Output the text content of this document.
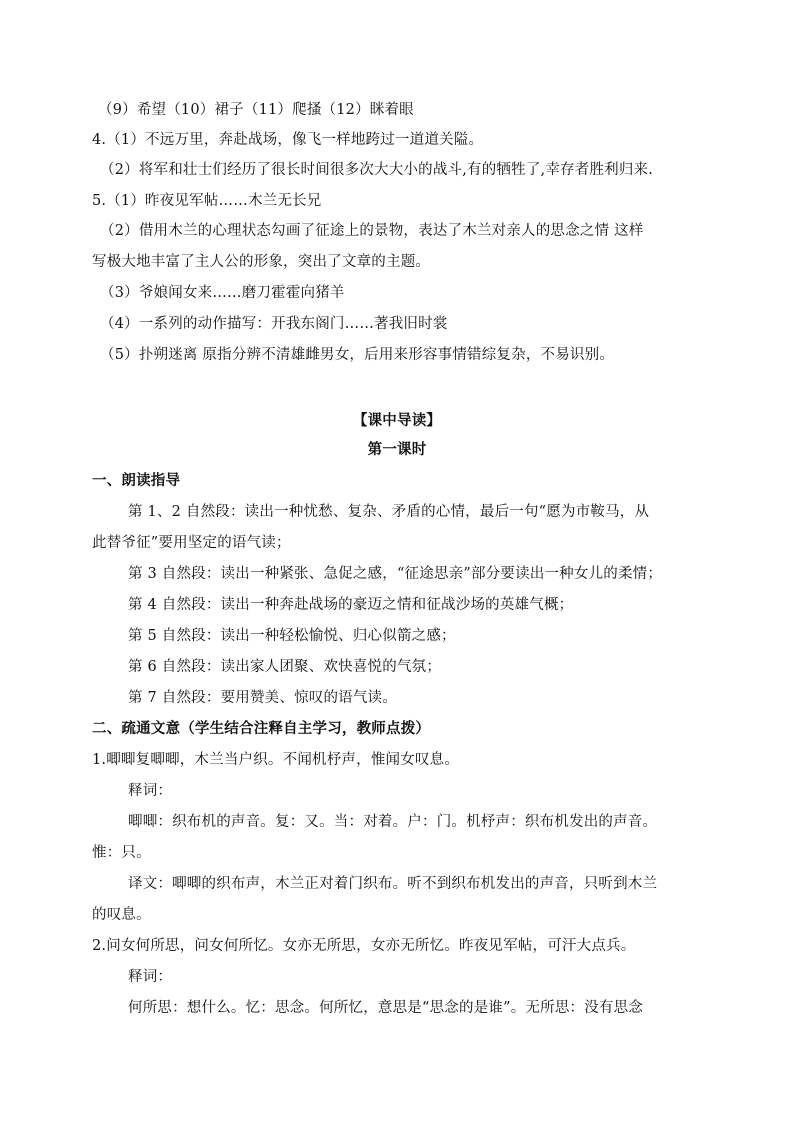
（9）希望（10）裙子（11）爬搔（12）眯着眼
4.（1）不远万里，奔赴战场，像飞一样地跨过一道道关隘。
（2）将军和壮士们经历了很长时间很多次大大小的战斗,有的牺牲了,幸存者胜利归来.
5.（1）昨夜见军帖……木兰无长兄
（2）借用木兰的心理状态勾画了征途上的景物，表达了木兰对亲人的思念之情 这样
写极大地丰富了主人公的形象，突出了文章的主题。
（3）爷娘闻女来……磨刀霍霍向猪羊
（4）一系列的动作描写：开我东阁门……著我旧时裳
（5）扑朔迷离 原指分辨不清雄雌男女，后用来形容事情错综复杂，不易识别。
【课中导读】
第一课时
一、朗读指导
第 1、2 自然段：读出一种忧愁、复杂、矛盾的心情，最后一句“愿为市鞍马，从
此替爷征”要用坚定的语气读；
第 3 自然段：读出一种紧张、急促之感，“征途思亲”部分要读出一种女儿的柔情；
第 4 自然段：读出一种奔赴战场的豪迈之情和征战沙场的英雄气概；
第 5 自然段：读出一种轻松愉悦、归心似箭之感；
第 6 自然段：读出家人团聚、欢快喜悦的气氛；
第 7 自然段：要用赞美、惊叹的语气读。
二、疏通文意（学生结合注释自主学习，教师点拨）
1.唧唧复唧唧，木兰当户织。不闻机杼声，惟闻女叹息。
释词：
唧唧：织布机的声音。复：又。当：对着。户：门。机杼声：织布机发出的声音。
惟：只。
译文：唧唧的织布声，木兰正对着门织布。听不到织布机发出的声音，只听到木兰
的叹息。
2.问女何所思，问女何所忆。女亦无所思，女亦无所忆。昨夜见军帖，可汗大点兵。
释词：
何所思：想什么。忆：思念。何所忆，意思是“思念的是谁”。无所思：没有思念
